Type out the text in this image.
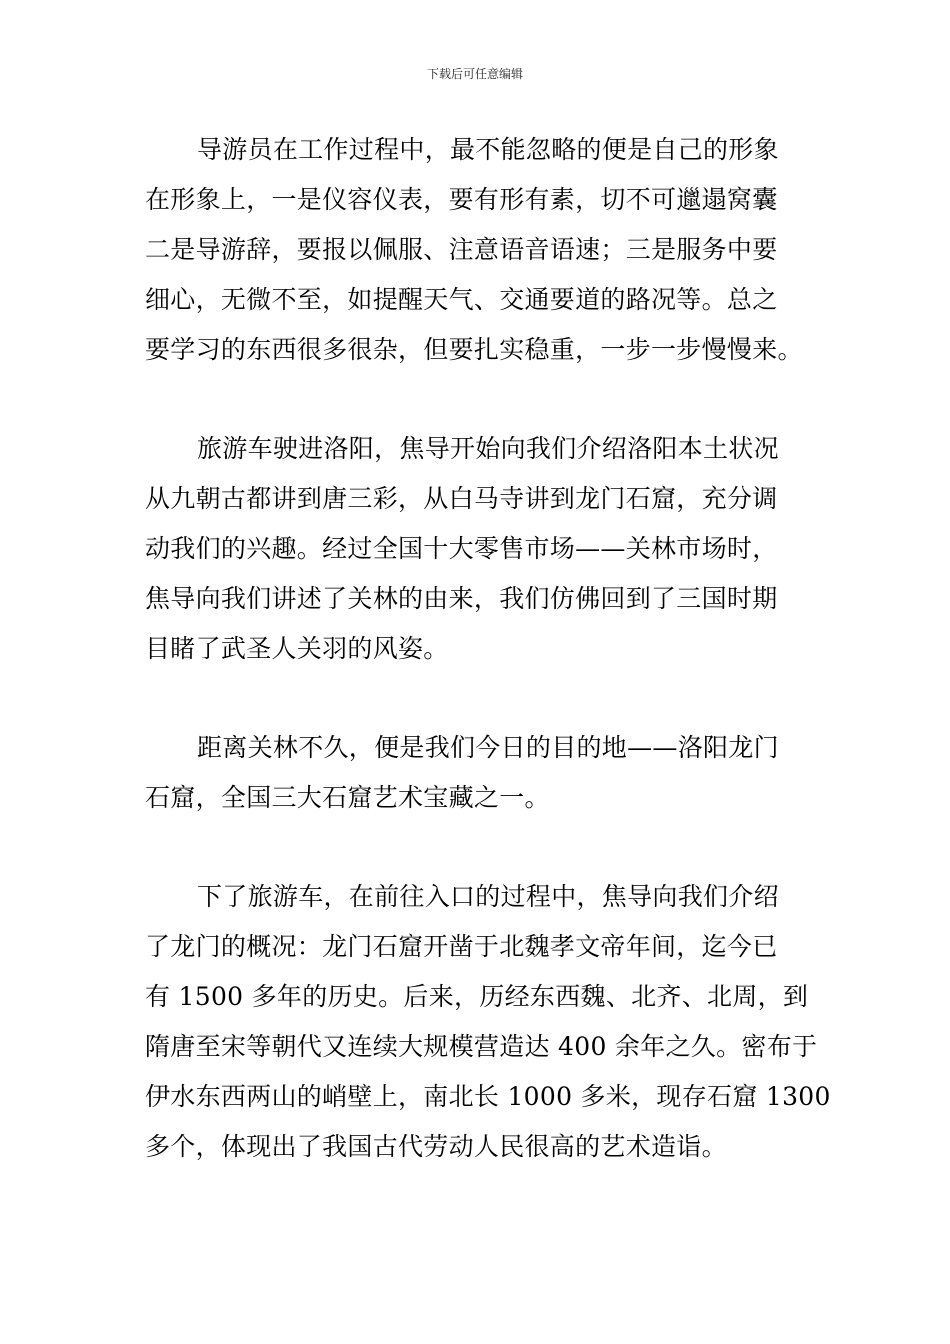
下载后可任意编辑
导游员在工作过程中，最不能忽略的便是自己的形象
在形象上，一是仪容仪表，要有形有素，切不可邋遢窝囊
二是导游辞，要报以佩服、注意语音语速；三是服务中要
细心，无微不至，如提醒天气、交通要道的路况等。总之
要学习的东西很多很杂，但要扎实稳重，一步一步慢慢来。
旅游车驶进洛阳，焦导开始向我们介绍洛阳本土状况
从九朝古都讲到唐三彩，从白马寺讲到龙门石窟，充分调
动我们的兴趣。经过全国十大零售市场——关林市场时，
焦导向我们讲述了关林的由来，我们仿佛回到了三国时期
目睹了武圣人关羽的风姿。
距离关林不久，便是我们今日的目的地——洛阳龙门
石窟，全国三大石窟艺术宝藏之一。
下了旅游车，在前往入口的过程中，焦导向我们介绍
了龙门的概况：龙门石窟开凿于北魏孝文帝年间，迄今已
有 1500 多年的历史。后来，历经东西魏、北齐、北周，到
隋唐至宋等朝代又连续大规模营造达 400 余年之久。密布于
伊水东西两山的峭壁上，南北长 1000 多米，现存石窟 1300
多个，体现出了我国古代劳动人民很高的艺术造诣。
